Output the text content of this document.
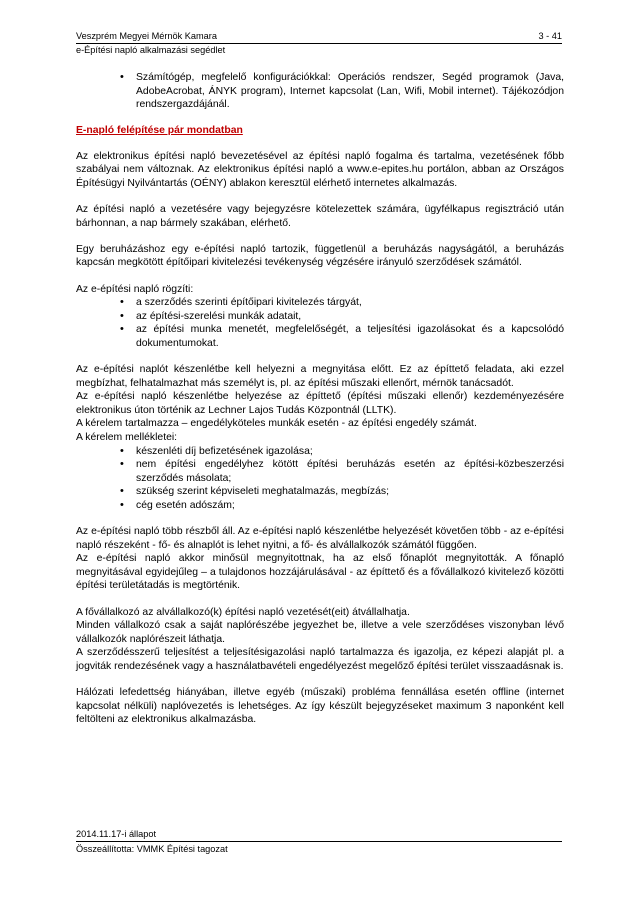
Veszprém Megyei Mérnök Kamara	3 - 41
e-Építési napló alkalmazási segédlet
• Számítógép, megfelelő konfigurációkkal: Operációs rendszer, Segéd programok (Java, AdobeAcrobat, ÁNYK program), Internet kapcsolat (Lan, Wifi, Mobil internet). Tájékozódjon rendszergazdájánál.
E-napló felépítése pár mondatban

Az elektronikus építési napló bevezetésével az építési napló fogalma és tartalma, vezetésének főbb szabályai nem változnak. Az elektronikus építési napló a www.e-epites.hu portálon, abban az Országos Építésügyi Nyilvántartás (OÉNY) ablakon keresztül elérhető internetes alkalmazás.

Az építési napló a vezetésére vagy bejegyzésre kötelezettek számára, ügyfélkapus regisztráció után bárhonnan, a nap bármely szakában, elérhető.

Egy beruházáshoz egy e-építési napló tartozik, függetlenül a beruházás nagyságától, a beruházás kapcsán megkötött építőipari kivitelezési tevékenység végzésére irányuló szerződések számától.

Az e-építési napló rögzíti:
• a szerződés szerinti építőipari kivitelezés tárgyát,
• az építési-szerelési munkák adatait,
• az építési munka menetét, megfelelőségét, a teljesítési igazolásokat és a kapcsolódó dokumentumokat.
Az e-építési naplót készenlétbe kell helyezni a megnyitása előtt. Ez az építtető feladata, aki ezzel megbízhat, felhatalmazhat más személyt is, pl. az építési műszaki ellenőrt, mérnök tanácsadót.
Az e-építési napló készenlétbe helyezése az építtető (építési műszaki ellenőr) kezdeményezésére elektronikus úton történik az Lechner Lajos Tudás Központnál (LLTK).
A kérelem tartalmazza – engedélyköteles munkák esetén - az építési engedély számát.
A kérelem mellékletei:
• készenléti díj befizetésének igazolása;
• nem építési engedélyhez kötött építési beruházás esetén az építési-közbeszerzési szerződés másolata;
• szükség szerint képviseleti meghatalmazás, megbízás;
• cég esetén adószám;
Az e-építési napló több részből áll. Az e-építési napló készenlétbe helyezését követően több - az e-építési napló részeként - fő- és alnaplót is lehet nyitni, a fő- és alvállalkozók számától függően.
Az e-építési napló akkor minősül megnyitottnak, ha az első főnaplót megnyitották. A főnapló megnyitásával egyidejűleg – a tulajdonos hozzájárulásával - az építtető és a fővállalkozó kivitelező közötti építési területátadás is megtörténik.
A fővállalkozó az alvállalkozó(k) építési napló vezetését(eit) átvállalhatja.
Minden vállalkozó csak a saját naplórészébe jegyezhet be, illetve a vele szerződéses viszonyban lévő vállalkozók naplórészeit láthatja.
A szerződésszerű teljesítést a teljesítésigazolási napló tartalmazza és igazolja, ez képezi alapját pl. a jogviták rendezésének vagy a használatbavételi engedélyezést megelőző építési terület visszaadásnak is.

Hálózati lefedettség hiányában, illetve egyéb (műszaki) probléma fennállása esetén offline (internet kapcsolat nélküli) naplóvezetés is lehetséges. Az így készült bejegyzéseket maximum 3 naponként kell feltölteni az elektronikus alkalmazásba.

2014.11.17-i állapot
Összeállította: VMMK Építési tagozat
